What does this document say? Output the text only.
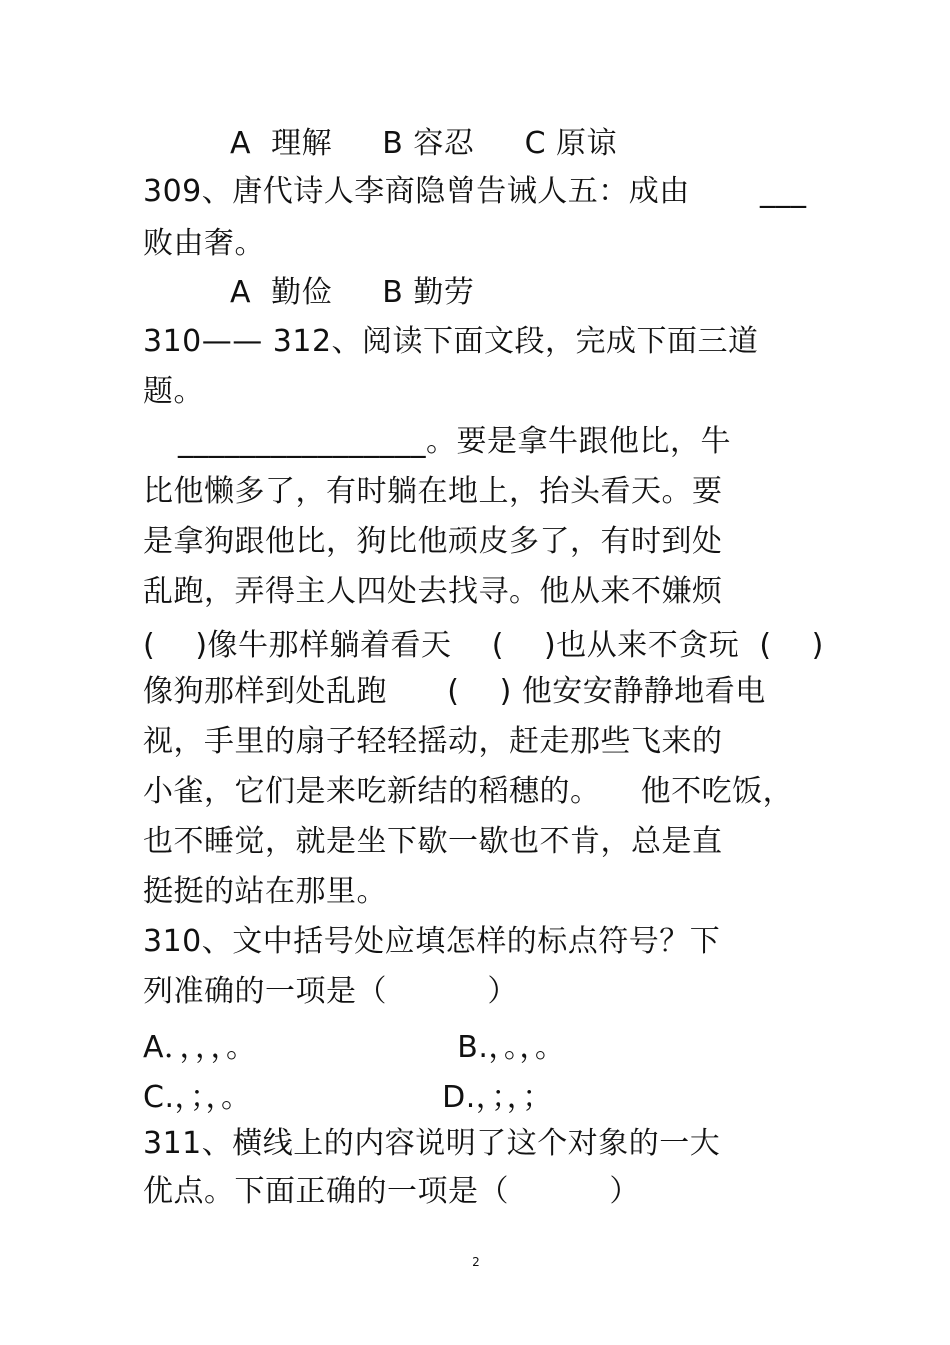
A  理解     B 容忍     C 原谅
309、唐代诗人李商隐曾告诫人五：成由       ___
败由奢。
A  勤俭     B 勤劳
310—— 312、阅读下面文段，完成下面三道
题。
________________。要是拿牛跟他比，牛
比他懒多了，有时躺在地上，抬头看天。要
是拿狗跟他比，狗比他顽皮多了，有时到处
乱跑，弄得主人四处去找寻。他从来不嫌烦
(    )像牛那样躺着看天    (    )也从来不贪玩  (    )
像狗那样到处乱跑      (    ) 他安安静静地看电
视，手里的扇子轻轻摇动，赶走那些飞来的
小雀，它们是来吃新结的稻穗的。    他不吃饭，
也不睡觉，就是坐下歇一歇也不肯，总是直
挺挺的站在那里。
310、文中括号处应填怎样的标点符号？下
列准确的一项是（          ）
A．，，，。                    B.，。，。
C.，；，。                   D.，；，；
311、横线上的内容说明了这个对象的一大
优点。下面正确的一项是（          ）
2
